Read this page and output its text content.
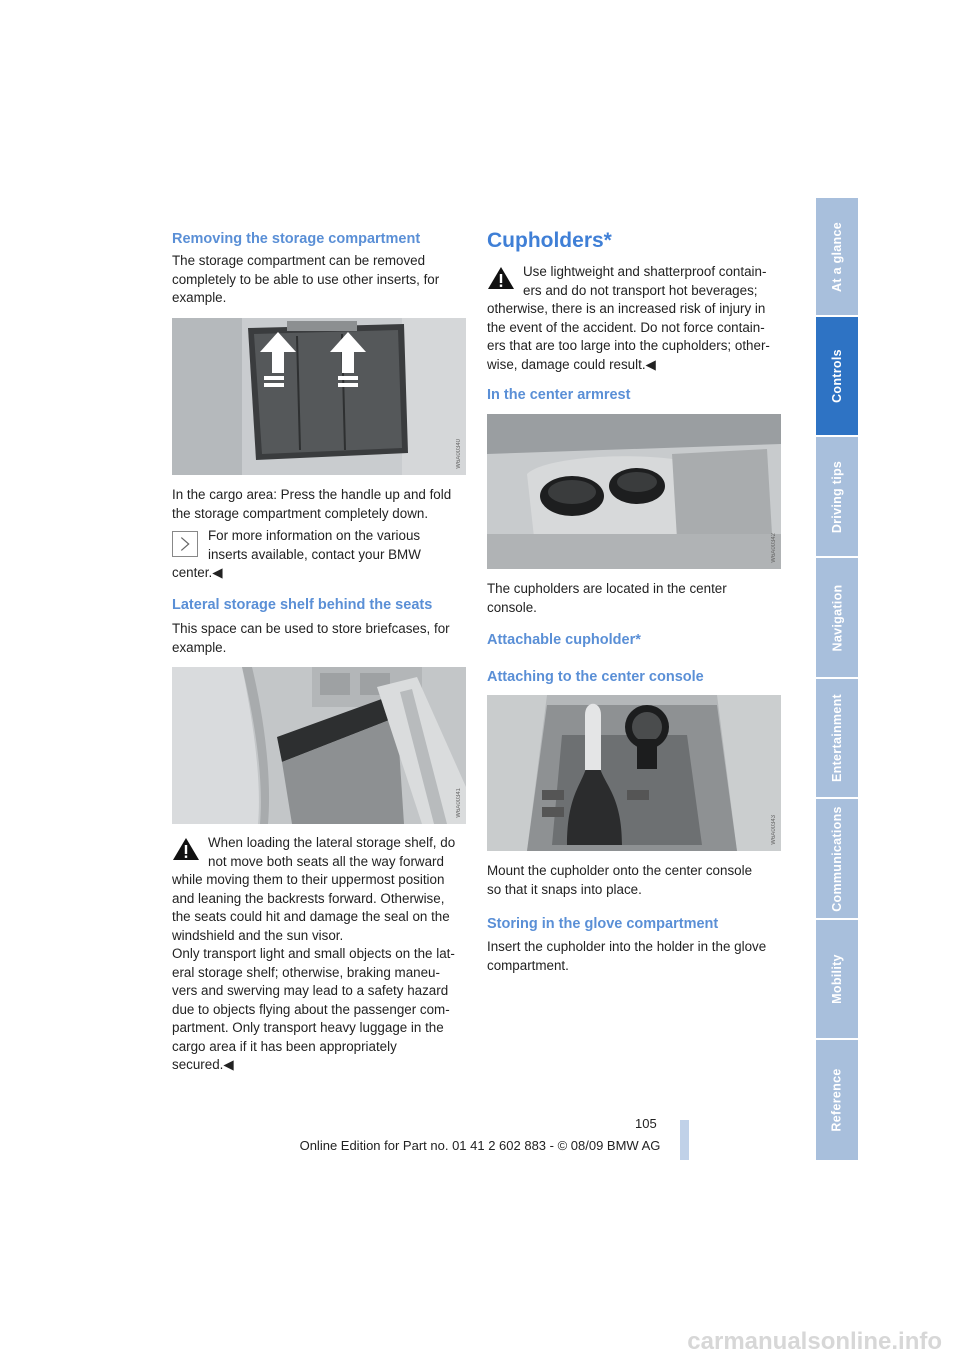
Removing the storage compartment

The storage compartment can be removed
completely to be able to use other inserts, for
example.

W6A00340

In the cargo area: Press the handle up and fold
the storage compartment completely down.

For more information on the various
inserts available, contact your BMW
center.◀

Lateral storage shelf behind the seats

This space can be used to store briefcases, for
example.

W6A00341

When loading the lateral storage shelf, do
not move both seats all the way forward
while moving them to their uppermost position
and leaning the backrests forward. Otherwise,
the seats could hit and damage the seal on the
windshield and the sun visor.
Only transport light and small objects on the lat-
eral storage shelf; otherwise, braking maneu-
vers and swerving may lead to a safety hazard
due to objects flying about the passenger com-
partment. Only transport heavy luggage in the
cargo area if it has been appropriately
secured.◀

Cupholders*

Use lightweight and shatterproof contain-
ers and do not transport hot beverages;
otherwise, there is an increased risk of injury in
the event of the accident. Do not force contain-
ers that are too large into the cupholders; other-
wise, damage could result.◀

In the center armrest
W6A00342

The cupholders are located in the center
console.

Attachable cupholder*
Attaching to the center console
W6A00343

Mount the cupholder onto the center console
so that it snaps into place.

Storing in the glove compartment

Insert the cupholder into the holder in the glove
compartment.

At a glance
Controls
Driving tips
Navigation
Entertainment
Communications
Mobility
Reference
105
Online Edition for Part no. 01 41 2 602 883 - © 08/09 BMW AG
carmanualsonline.info
